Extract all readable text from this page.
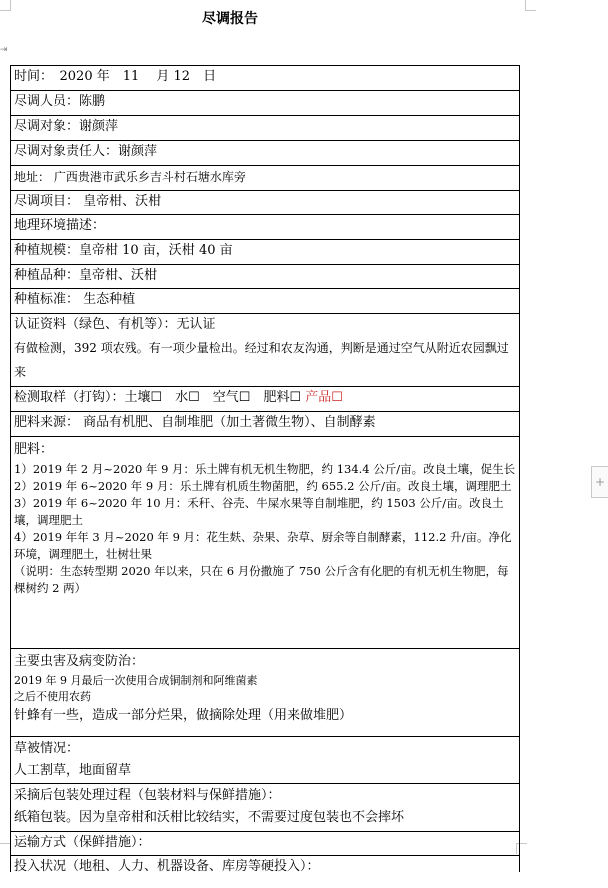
⇥
+
尽调报告
时间：　2020 年　11　 月 12　日
尽调人员：陈鹏
尽调对象：谢颜萍
尽调对象责任人：谢颜萍
地址： 广西贵港市武乐乡吉斗村石塘水库旁
尽调项目： 皇帝柑、沃柑
地理环境描述：
种植规模：皇帝柑 10 亩，沃柑 40 亩
种植品种：皇帝柑、沃柑
种植标准： 生态种植
认证资料（绿色、有机等）：无认证
有做检测，392 项农残。有一项少量检出。经过和农友沟通，判断是通过空气从附近农园飘过来
检测取样（打钩）：土壤☐　水☐　空气☐　肥料☐ 产品☐
肥料来源： 商品有机肥、自制堆肥（加土著微生物）、自制酵素
肥料：
1）2019 年 2 月~2020 年 9 月：乐土牌有机无机生物肥，约 134.4 公斤/亩。改良土壤，促生长
2）2019 年 6~2020 年 9 月：乐土牌有机质生物菌肥，约 655.2 公斤/亩。改良土壤，调理肥土
3）2019 年 6~2020 年 10 月：禾秆、谷壳、牛屎水果等自制堆肥，约 1503 公斤/亩。改良土壤，调理肥土
4）2019 年年 3 月~2020 年 9 月：花生麸、杂果、杂草、厨余等自制酵素，112.2 升/亩。净化环境，调理肥土，壮树壮果
（说明：生态转型期 2020 年以来，只在 6 月份撒施了 750 公斤含有化肥的有机无机生物肥，每棵树约 2 两）
主要虫害及病变防治：
2019 年 9 月最后一次使用合成铜制剂和阿维菌素
之后不使用农药
针蜂有一些，造成一部分烂果，做摘除处理（用来做堆肥）
草被情况：
人工割草，地面留草
采摘后包装处理过程（包装材料与保鲜措施）：
纸箱包装。因为皇帝柑和沃柑比较结实，不需要过度包装也不会摔坏
运输方式（保鲜措施）：
投入状况（地租、人力、机器设备、库房等硬投入）：
